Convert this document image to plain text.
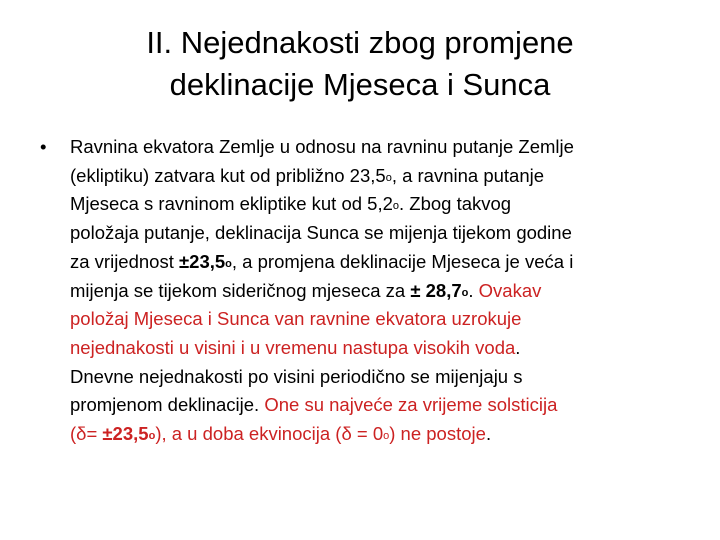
II. Nejednakosti zbog promjene
deklinacije Mjeseca i Sunca
•	Ravnina ekvatora Zemlje u odnosu na ravninu putanje Zemlje
(ekliptiku) zatvara kut od približno 23,5$^o$, a ravnina putanje
Mjeseca s ravninom ekliptike kut od 5,2$^o$. Zbog takvog
položaja putanje, deklinacija Sunca se mijenja tijekom godine
za vrijednost $\pm 23,5^o$, a promjena deklinacije Mjeseca je veća i
mijenja se tijekom sideričnog mjeseca za ± $28,7^o$. Ovakav
položaj Mjeseca i Sunca van ravnine ekvatora uzrokuje
nejednakosti u visini i u vremenu nastupa visokih voda.
Dnevne nejednakosti po visini periodično se mijenjaju s
promjenom deklinacije. One su najveće za vrijeme solsticija
$(\delta= \pm 23,5^o)$, a u doba ekvinocija $(\delta = 0^o)$ ne postoje.
